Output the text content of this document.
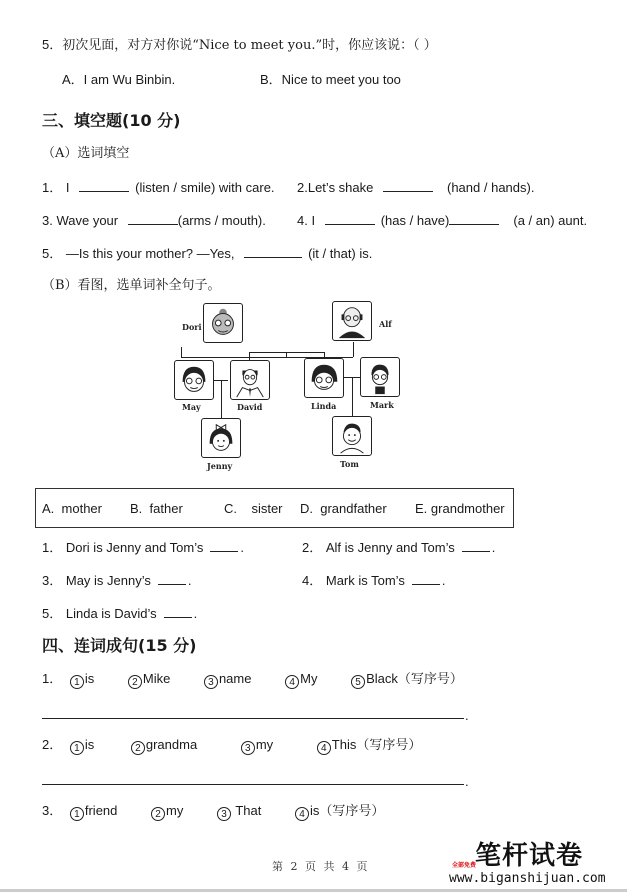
5．初次见面，对方对你说“Nice to meet you.”时，你应该说：（ ）
A．I am Wu Binbin.	B．Nice to meet you too
三、填空题(10 分)
（A）选词填空
1． I	(listen / smile) with care. 2.Let’s shake	(hand / hands).
3. Wave your	(arms / mouth). 4. I	(has / have)	(a / an) aunt.
5． —Is this your mother? —Yes,	(it / that) is.
（B）看图，选单词补全句子。
Dori	Alf
May	David	Linda	Mark
Jenny	Tom
A. mother B. father	C. sister D. grandfather E. grandmother
1． Dori is Jenny and Tom’s	.	2． Alf is Jenny and Tom’s	.
3． May is Jenny’s	.	4． Mark is Tom’s	.
5． Linda is David’s	.
四、连词成句(15 分)
1． 1 is	2 Mike	3 name	4 My	5 Black（写序号）
.
2． 1 is	2 grandma	3 my	4 This（写序号）
.
3． 1 friend	2 my	3 That	4 is（写序号）
第 2 页 共 4 页	笔杆试卷
全部免费
www.biganshijuan.com
